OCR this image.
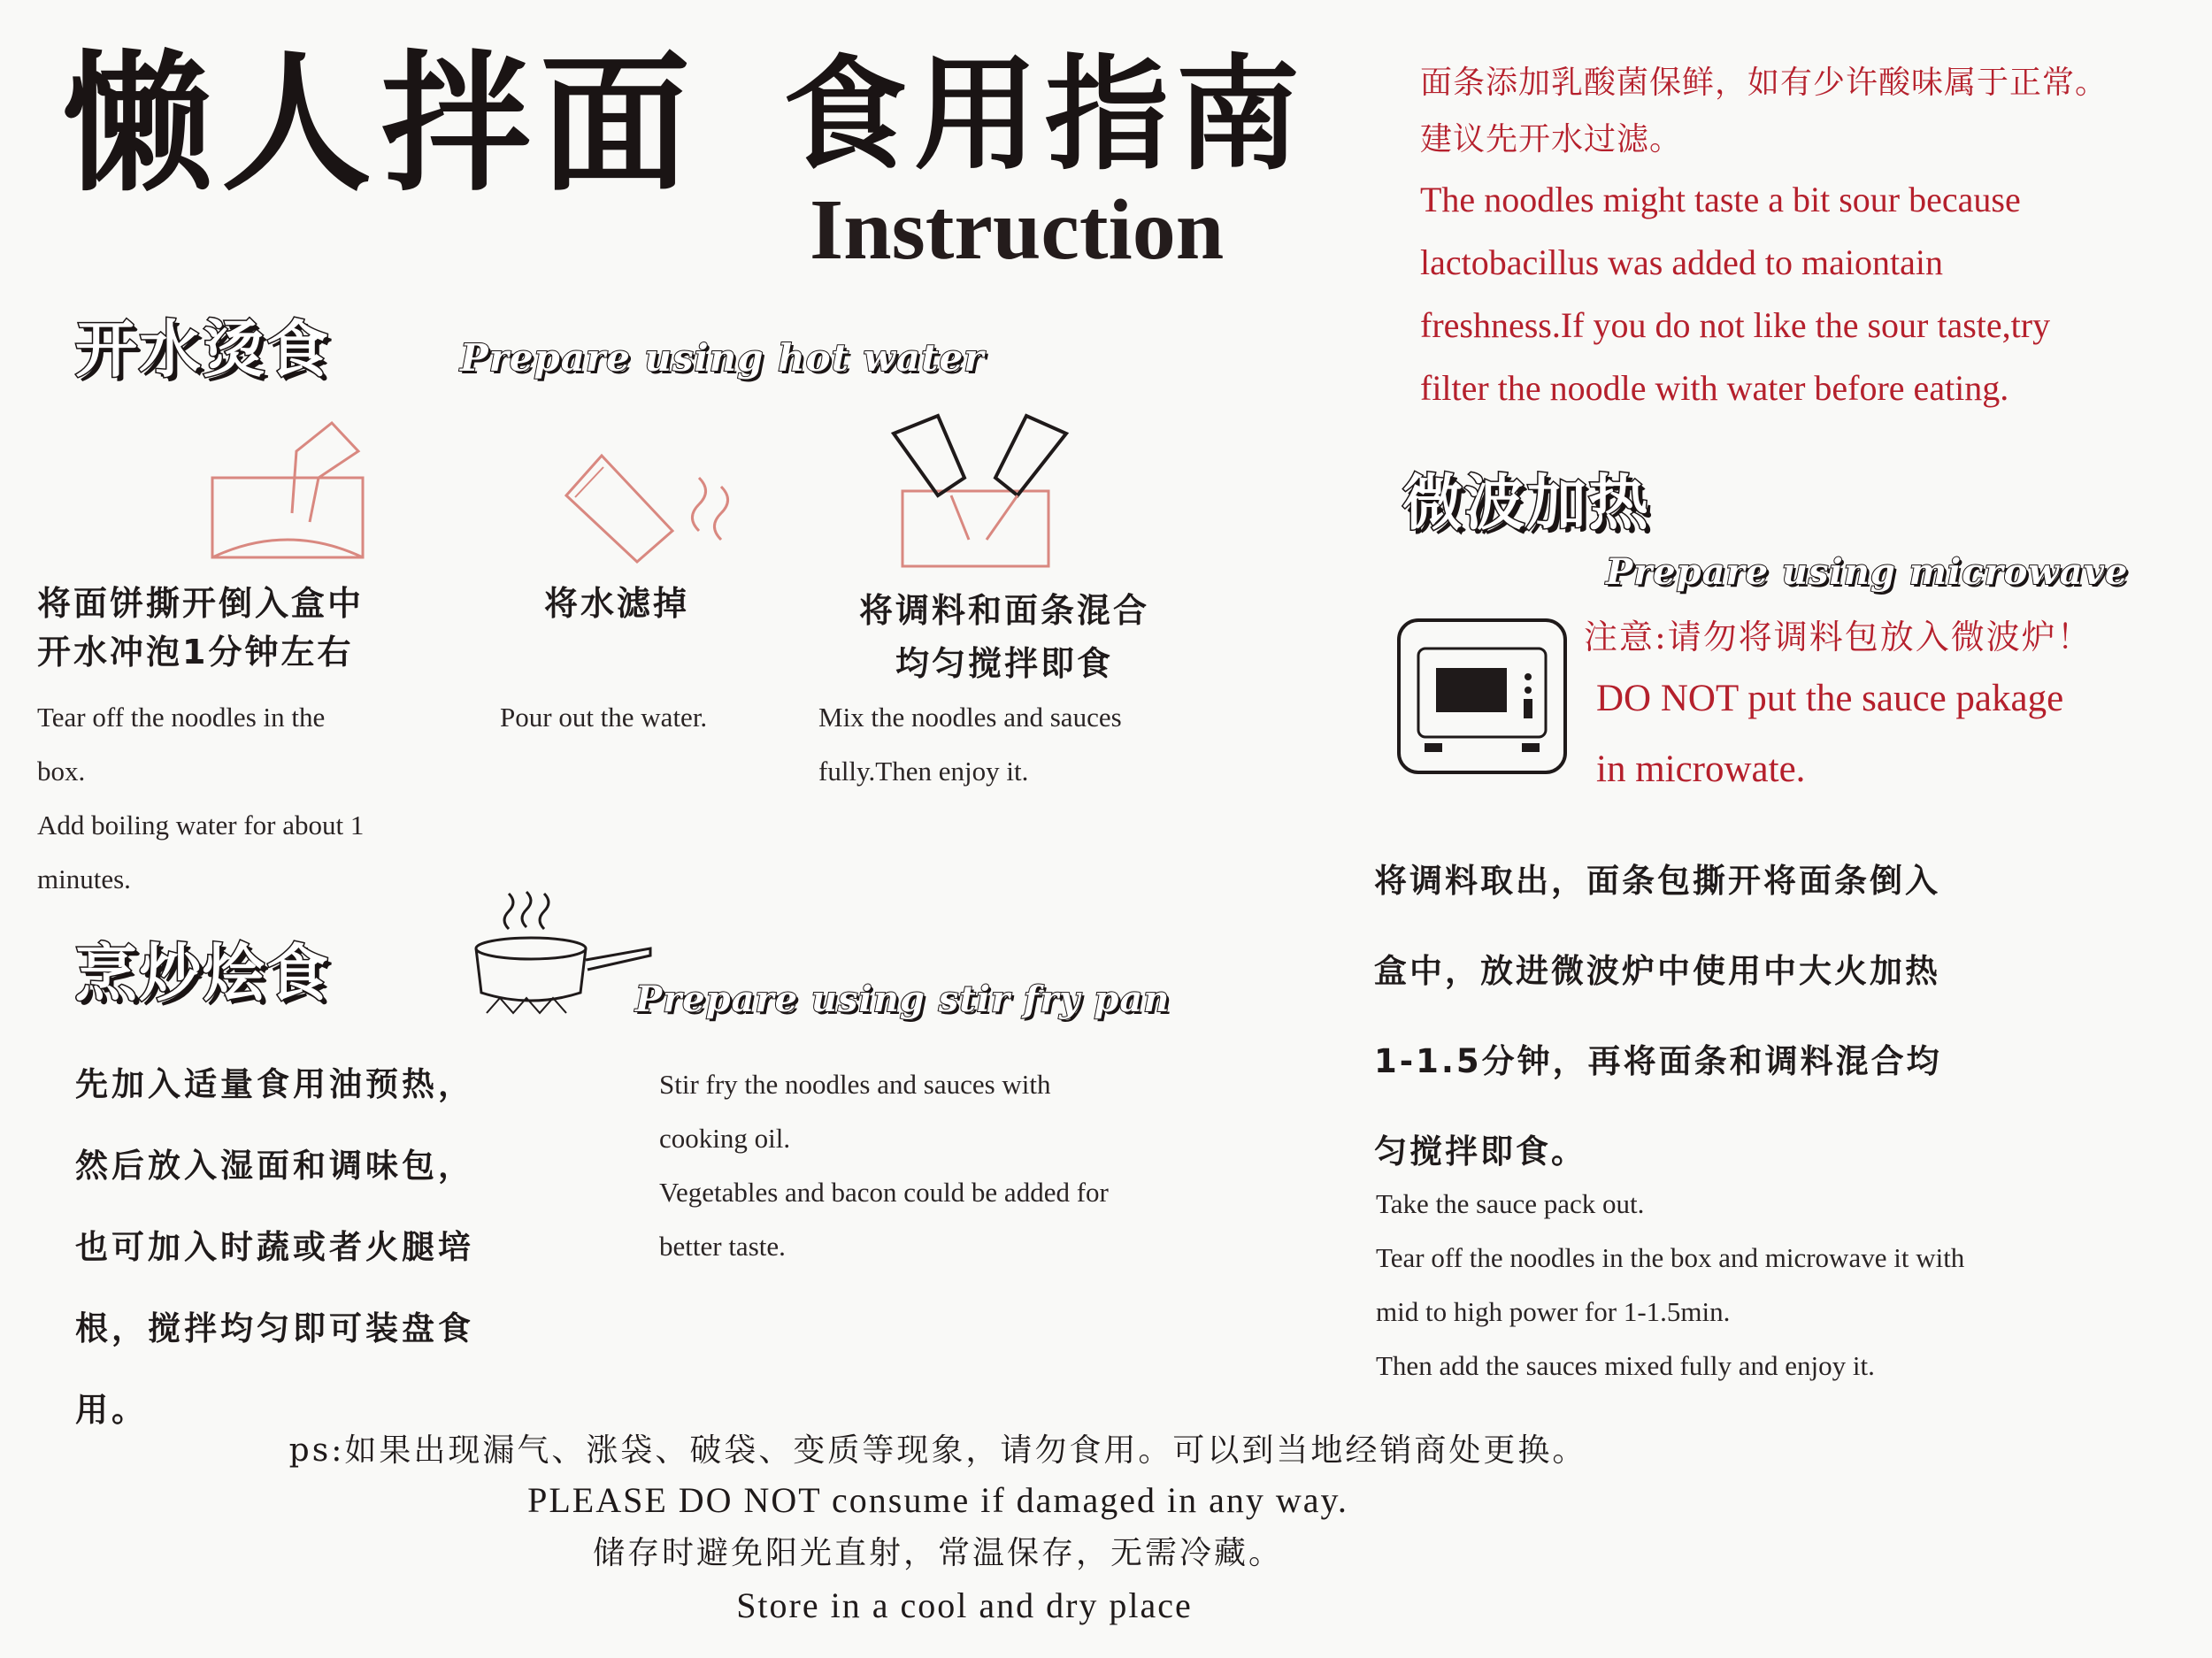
懒人拌面 食用指南
Instruction
面条添加乳酸菌保鲜，如有少许酸味属于正常。
建议先开水过滤。
The noodles might taste a bit sour because
lactobacillus was added to maiontain
freshness.If you do not like the sour taste,try
filter the noodle with water before eating.
开水烫食	Prepare using hot water
将面饼撕开倒入盒中
开水冲泡1分钟左右
Tear off the noodles in the
box.
Add boiling water for about 1
minutes.
将水滤掉
Pour out the water.
将调料和面条混合
均匀搅拌即食
Mix the noodles and sauces
fully.Then enjoy it.
微波加热
Prepare using microwave
注意:请勿将调料包放入微波炉！
DO NOT put the sauce pakage
in microwate.
将调料取出，面条包撕开将面条倒入
盒中，放进微波炉中使用中大火加热
1-1.5分钟，再将面条和调料混合均
匀搅拌即食。
Take the sauce pack out.
Tear off the noodles in the box and microwave it with
mid to high power for 1-1.5min.
Then add the sauces mixed fully and enjoy it.
烹炒烩食	Prepare using stir fry pan
先加入适量食用油预热，
然后放入湿面和调味包，
也可加入时蔬或者火腿培
根，搅拌均匀即可装盘食
用。
Stir fry the noodles and sauces with
cooking oil.
Vegetables and bacon could be added for
better taste.
ps:如果出现漏气、涨袋、破袋、变质等现象，请勿食用。可以到当地经销商处更换。
PLEASE DO NOT consume if damaged in any way.
储存时避免阳光直射，常温保存，无需冷藏。
Store in a cool and dry place
